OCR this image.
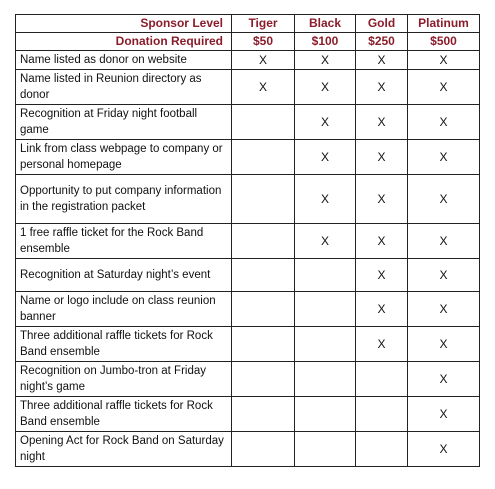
Sponsor Level	Tiger	Black	Gold	Platinum
Donation Required	$50	$100	$250	$500
Name listed as donor on website	X	X	X	X
Name listed in Reunion directory as donor	X	X	X	X
Recognition at Friday night football game		X	X	X
Link from class webpage to company or personal homepage		X	X	X
Opportunity to put company information in the registration packet		X	X	X
1 free raffle ticket for the Rock Band ensemble		X	X	X
Recognition at Saturday night’s event			X	X
Name or logo include on class reunion banner			X	X
Three additional raffle tickets for Rock Band ensemble			X	X
Recognition on Jumbo-tron at Friday night’s game				X
Three additional raffle tickets for Rock Band ensemble				X
Opening Act for Rock Band on Saturday night				X
